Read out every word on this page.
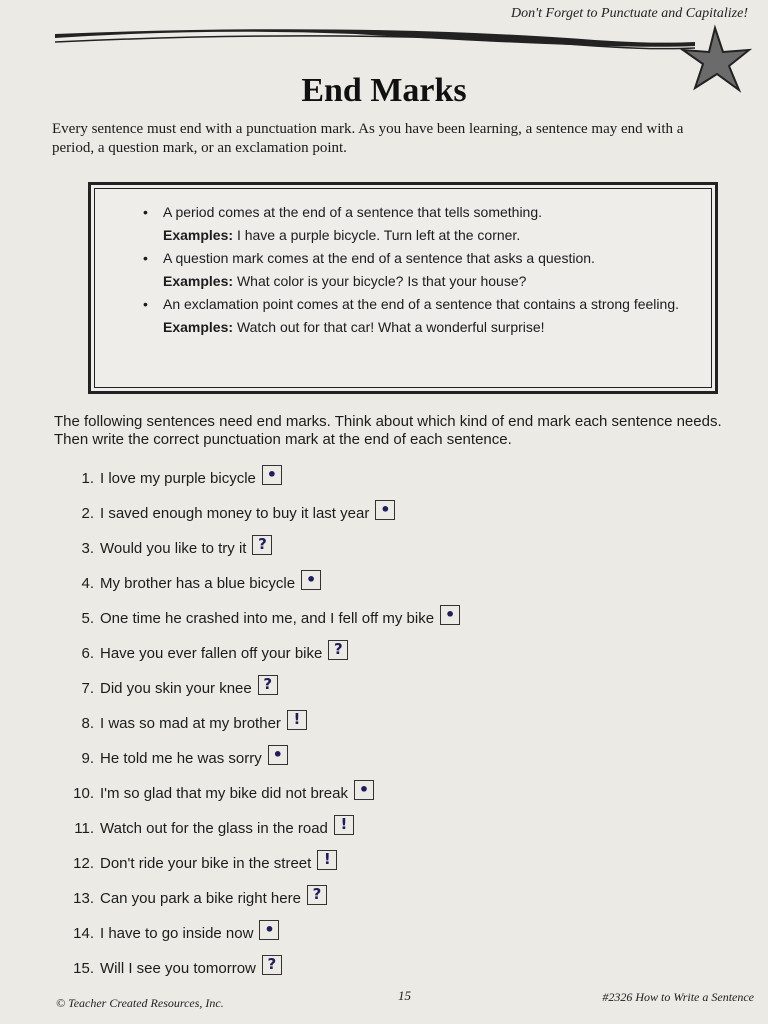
Don't Forget to Punctuate and Capitalize!
End Marks
Every sentence must end with a punctuation mark. As you have been learning, a sentence may end with a period, a question mark, or an exclamation point.
• A period comes at the end of a sentence that tells something.
Examples: I have a purple bicycle. Turn left at the corner.
• A question mark comes at the end of a sentence that asks a question.
Examples: What color is your bicycle? Is that your house?
• An exclamation point comes at the end of a sentence that contains a strong feeling.
Examples: Watch out for that car! What a wonderful surprise!
The following sentences need end marks. Think about which kind of end mark each sentence needs. Then write the correct punctuation mark at the end of each sentence.
1. I love my purple bicycle •
2. I saved enough money to buy it last year •
3. Would you like to try it ?
4. My brother has a blue bicycle •
5. One time he crashed into me, and I fell off my bike •
6. Have you ever fallen off your bike ?
7. Did you skin your knee ?
8. I was so mad at my brother !
9. He told me he was sorry •
10. I'm so glad that my bike did not break •
11. Watch out for the glass in the road !
12. Don't ride your bike in the street !
13. Can you park a bike right here ?
14. I have to go inside now •
15. Will I see you tomorrow ?
© Teacher Created Resources, Inc.	15	#2326 How to Write a Sentence
